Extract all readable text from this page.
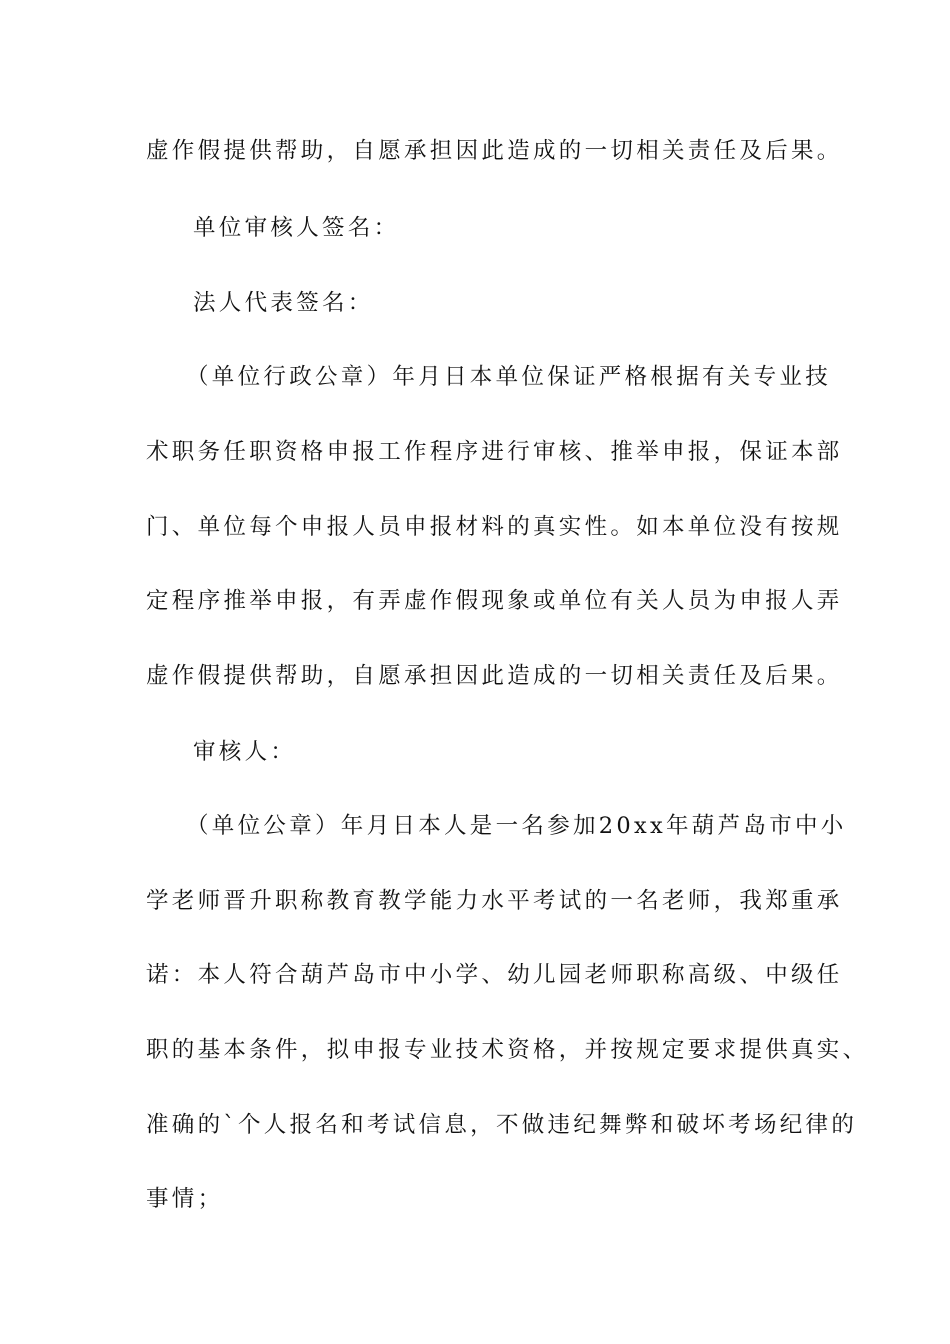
虚作假提供帮助，自愿承担因此造成的一切相关责任及后果。
单位审核人签名：
法人代表签名：
（单位行政公章）年月日本单位保证严格根据有关专业技
术职务任职资格申报工作程序进行审核、推举申报，保证本部
门、单位每个申报人员申报材料的真实性。如本单位没有按规
定程序推举申报，有弄虚作假现象或单位有关人员为申报人弄
虚作假提供帮助，自愿承担因此造成的一切相关责任及后果。
审核人：
（单位公章）年月日本人是一名参加20xx年葫芦岛市中小
学老师晋升职称教育教学能力水平考试的一名老师，我郑重承
诺：本人符合葫芦岛市中小学、幼儿园老师职称高级、中级任
职的基本条件，拟申报专业技术资格，并按规定要求提供真实、
准确的`个人报名和考试信息，不做违纪舞弊和破坏考场纪律的
事情；
